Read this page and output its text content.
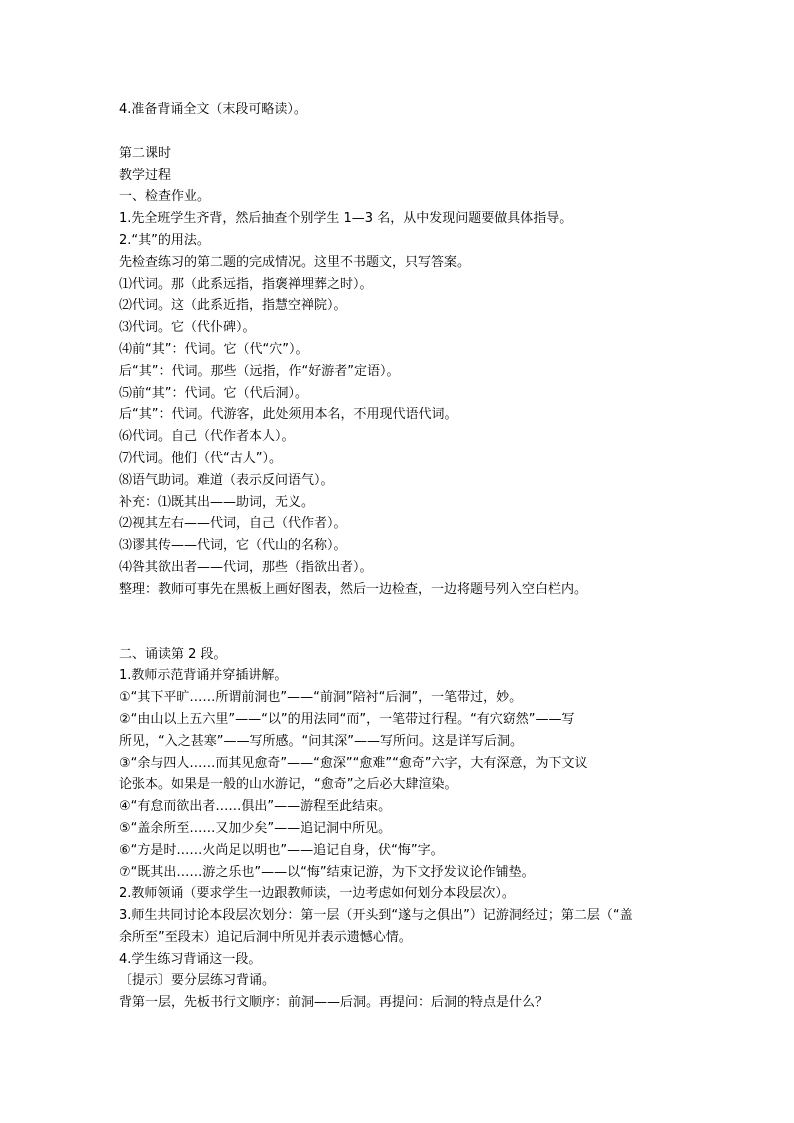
4.准备背诵全文（末段可略读）。
第二课时
教学过程
一、检查作业。
1.先全班学生齐背，然后抽查个别学生 1—3 名，从中发现问题要做具体指导。
2.“其”的用法。
先检查练习的第二题的完成情况。这里不书题文，只写答案。
⑴代词。那（此系远指，指褒禅埋葬之时）。
⑵代词。这（此系近指，指慧空禅院）。
⑶代词。它（代仆碑）。
⑷前“其”：代词。它（代“穴”）。
后“其”：代词。那些（远指，作“好游者”定语）。
⑸前“其”：代词。它（代后洞）。
后“其”：代词。代游客，此处须用本名，不用现代语代词。
⑹代词。自己（代作者本人）。
⑺代词。他们（代“古人”）。
⑻语气助词。难道（表示反问语气）。
补充：⑴既其出——助词，无义。
⑵视其左右——代词，自己（代作者）。
⑶谬其传——代词，它（代山的名称）。
⑷咎其欲出者——代词，那些（指欲出者）。
整理：教师可事先在黑板上画好图表，然后一边检查，一边将题号列入空白栏内。
二、诵读第 2 段。
1.教师示范背诵并穿插讲解。
①“其下平旷……所谓前洞也”——“前洞”陪衬“后洞”，一笔带过，妙。
②“由山以上五六里”——“以”的用法同“而”，一笔带过行程。“有穴窈然”——写
所见，“入之甚寒”——写所感。“问其深”——写所问。这是详写后洞。
③“余与四人……而其见愈奇”——“愈深”“愈难”“愈奇”六字，大有深意，为下文议
论张本。如果是一般的山水游记，“愈奇”之后必大肆渲染。
④“有怠而欲出者……俱出”——游程至此结束。
⑤“盖余所至……又加少矣”——追记洞中所见。
⑥“方是时……火尚足以明也”——追记自身，伏“悔”字。
⑦“既其出……游之乐也”——以“悔”结束记游，为下文抒发议论作铺垫。
2.教师领诵（要求学生一边跟教师读，一边考虑如何划分本段层次）。
3.师生共同讨论本段层次划分：第一层（开头到“遂与之俱出”）记游洞经过；第二层（“盖
余所至”至段末）追记后洞中所见并表示遗憾心情。
4.学生练习背诵这一段。
〔提示〕要分层练习背诵。
背第一层，先板书行文顺序：前洞——后洞。再提问：后洞的特点是什么？
